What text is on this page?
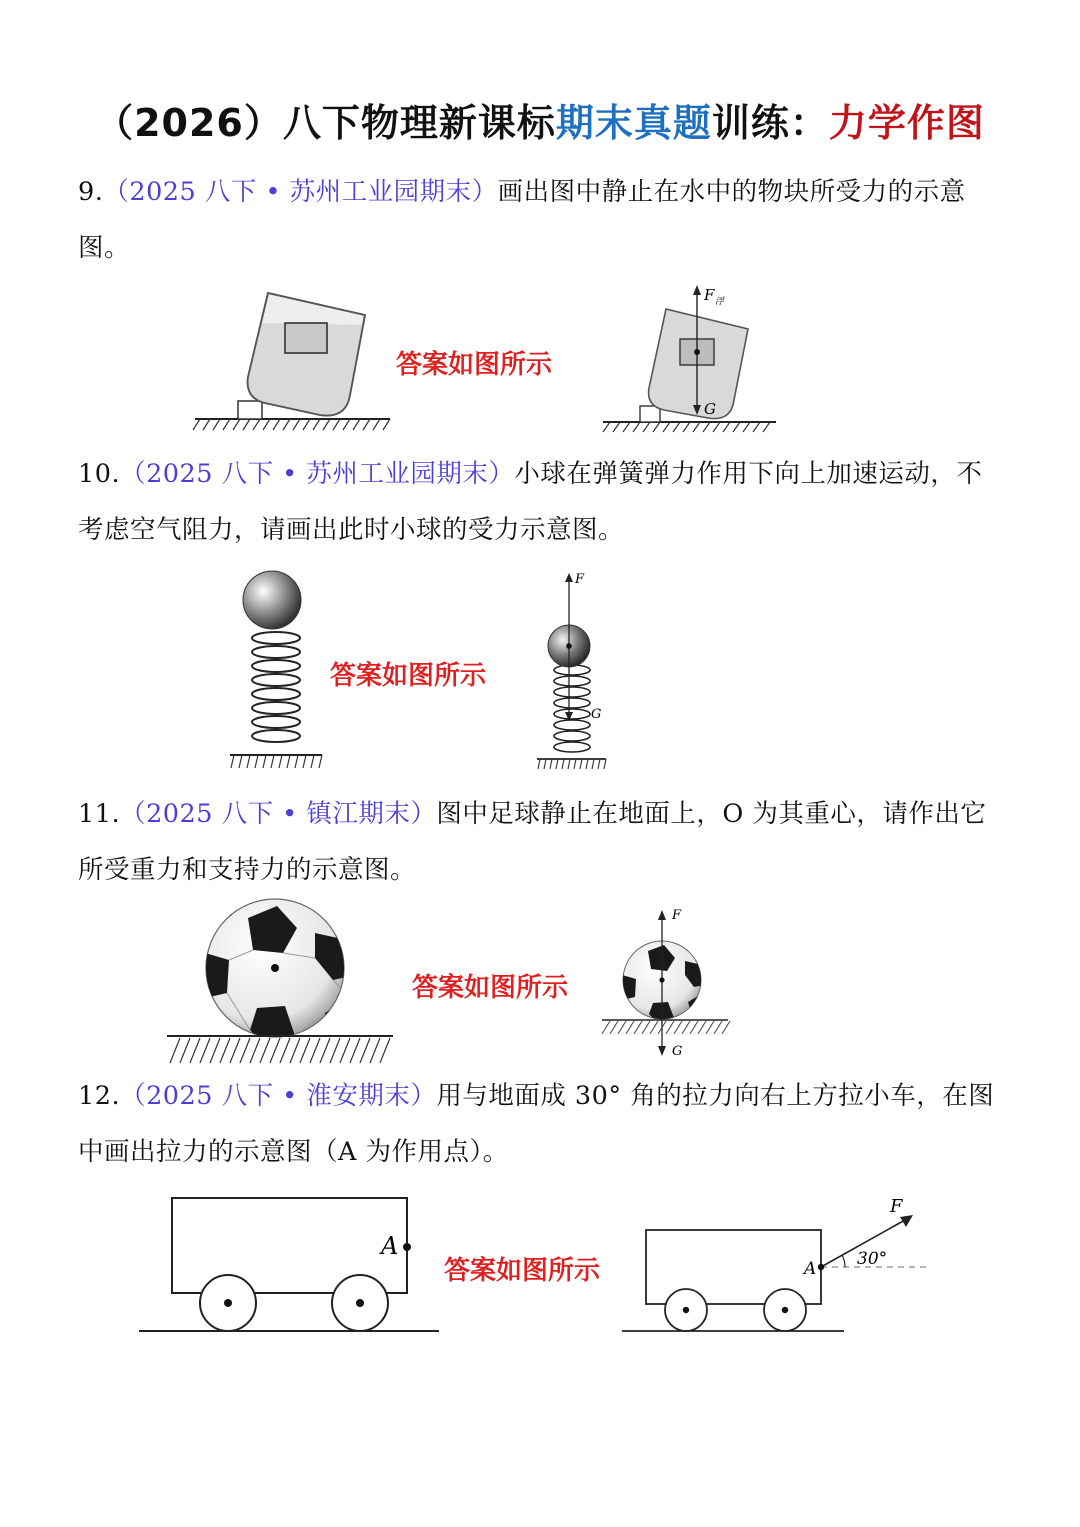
（2026）八下物理新课标期末真题训练：力学作图
9.（2025 八下 • 苏州工业园期末）画出图中静止在水中的物块所受力的示意图。
答案如图所示
F 浮
G
10.（2025 八下 • 苏州工业园期末）小球在弹簧弹力作用下向上加速运动，不考虑空气阻力，请画出此时小球的受力示意图。
答案如图所示
F
G
11.（2025 八下 • 镇江期末）图中足球静止在地面上，O 为其重心，请作出它所受重力和支持力的示意图。
答案如图所示
F
G
12.（2025 八下 • 淮安期末）用与地面成 30° 角的拉力向右上方拉小车，在图中画出拉力的示意图（A 为作用点）。
A
答案如图所示	A
F
30°
